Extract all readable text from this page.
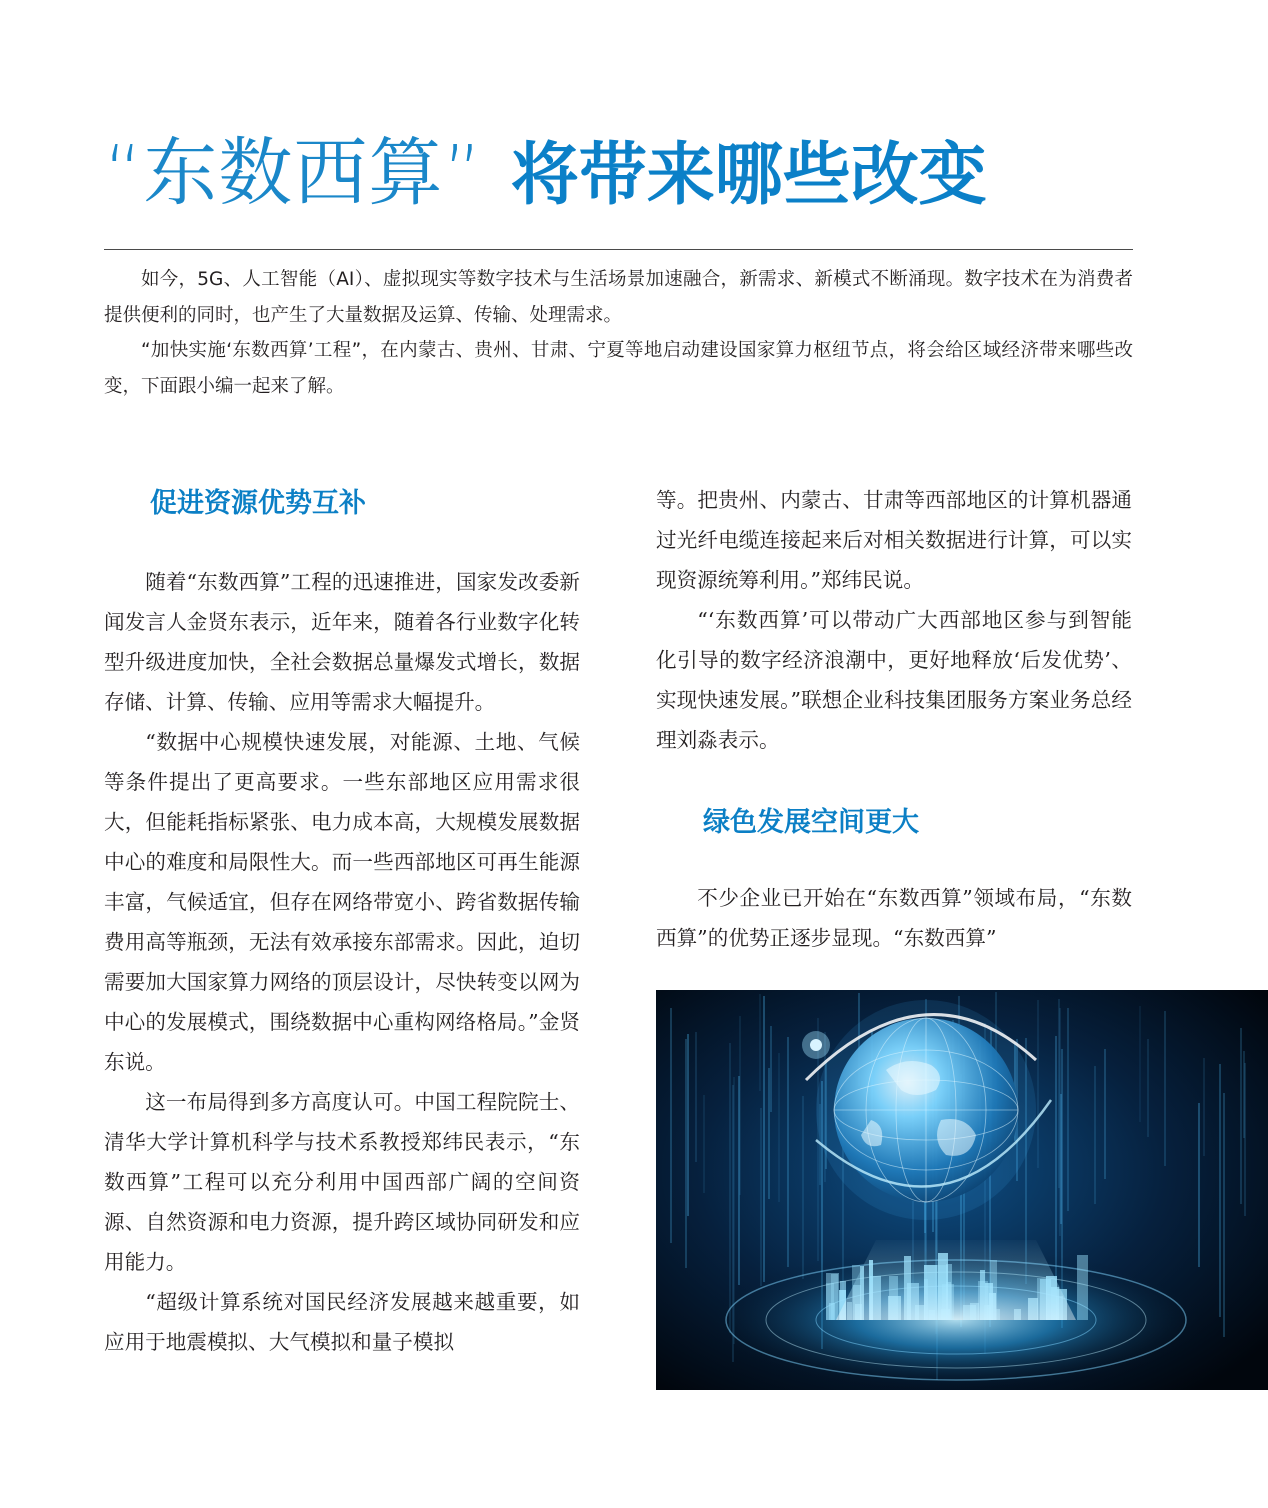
“东数西算” 将带来哪些改变

如今，5G、人工智能（AI）、虚拟现实等数字技术与生活场景加速融合，新需求、新模式不断涌现。数字技术在为消费者提供便利的同时，也产生了大量数据及运算、传输、处理需求。

“加快实施‘东数西算’工程”，在内蒙古、贵州、甘肃、宁夏等地启动建设国家算力枢纽节点，将会给区域经济带来哪些改变，下面跟小编一起来了解。

促进资源优势互补

随着“东数西算”工程的迅速推进，国家发改委新闻发言人金贤东表示，近年来，随着各行业数字化转型升级进度加快，全社会数据总量爆发式增长，数据存储、计算、传输、应用等需求大幅提升。

“数据中心规模快速发展，对能源、土地、气候等条件提出了更高要求。一些东部地区应用需求很大，但能耗指标紧张、电力成本高，大规模发展数据中心的难度和局限性大。而一些西部地区可再生能源丰富，气候适宜，但存在网络带宽小、跨省数据传输费用高等瓶颈，无法有效承接东部需求。因此，迫切需要加大国家算力网络的顶层设计，尽快转变以网为中心的发展模式，围绕数据中心重构网络格局。”金贤东说。

这一布局得到多方高度认可。中国工程院院士、清华大学计算机科学与技术系教授郑纬民表示，“东数西算”工程可以充分利用中国西部广阔的空间资源、自然资源和电力资源，提升跨区域协同研发和应用能力。

“超级计算系统对国民经济发展越来越重要，如应用于地震模拟、大气模拟和量子模拟

等。把贵州、内蒙古、甘肃等西部地区的计算机器通过光纤电缆连接起来后对相关数据进行计算，可以实现资源统筹利用。”郑纬民说。

“‘东数西算’可以带动广大西部地区参与到智能化引导的数字经济浪潮中，更好地释放‘后发优势’、实现快速发展。”联想企业科技集团服务方案业务总经理刘淼表示。

绿色发展空间更大

不少企业已开始在“东数西算”领域布局，“东数西算”的优势正逐步显现。“东数西算”
